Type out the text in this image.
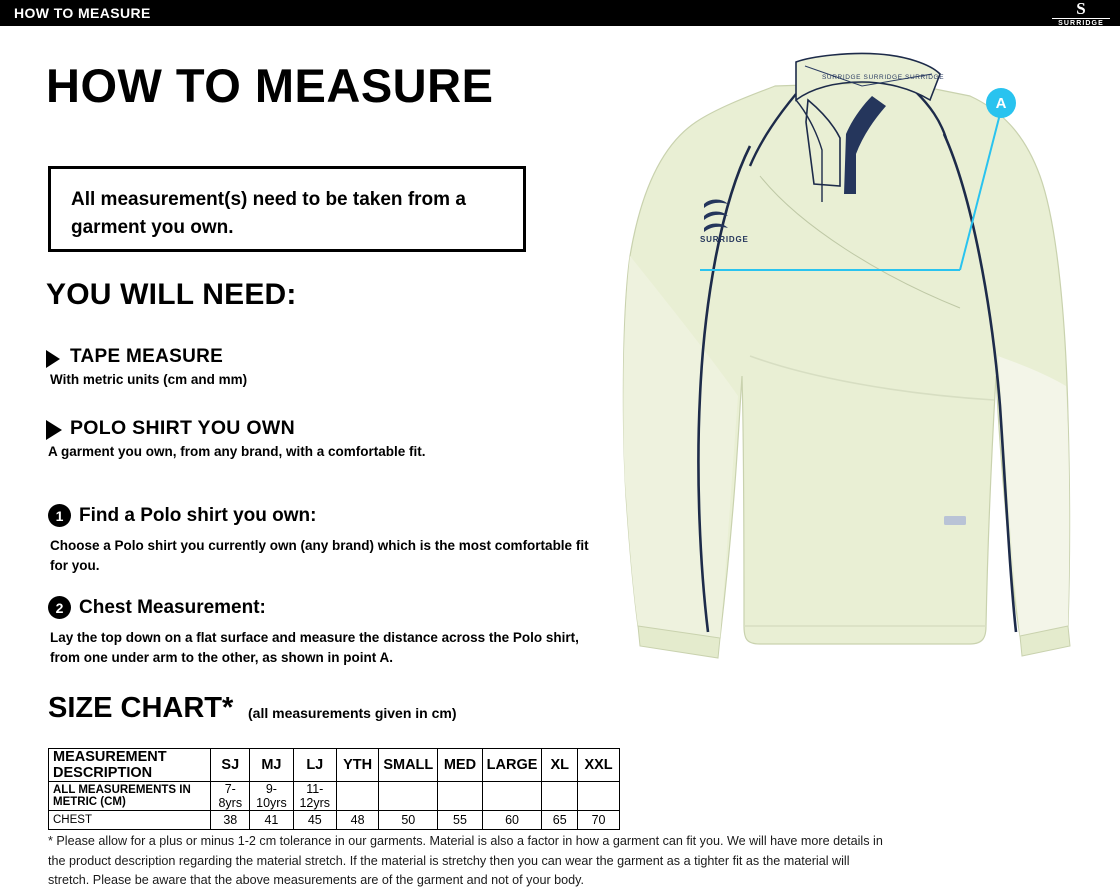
HOW TO MEASURE	S
SURRIDGE
HOW TO MEASURE
All measurement(s) need to be taken from a garment you own.
YOU WILL NEED:
TAPE MEASURE
With metric units (cm and mm)
POLO SHIRT YOU OWN
A garment you own, from any brand, with a comfortable fit.
1 Find a Polo shirt you own:
Choose a Polo shirt you currently own (any brand) which is the most comfortable fit for you.
2 Chest Measurement:
Lay the top down on a flat surface and measure the distance across the Polo shirt, from one under arm to the other, as shown in point A.
SIZE CHART* (all measurements given in cm)
MEASUREMENT DESCRIPTION	SJ	MJ	LJ	YTH	SMALL	MED	LARGE	XL	XXL
ALL MEASUREMENTS IN METRIC (CM)	7-8yrs	9-10yrs	11-12yrs						
CHEST	38	41	45	48	50	55	60	65	70
* Please allow for a plus or minus 1-2 cm tolerance in our garments. Material is also a factor in how a garment can fit you. We will have more details in the product description regarding the material stretch. If the material is stretchy then you can wear the garment as a tighter fit as the material will stretch. Please be aware that the above measurements are of the garment and not of your body.
SURRIDGE SURRIDGE SURRIDGE
SURRIDGE
A
